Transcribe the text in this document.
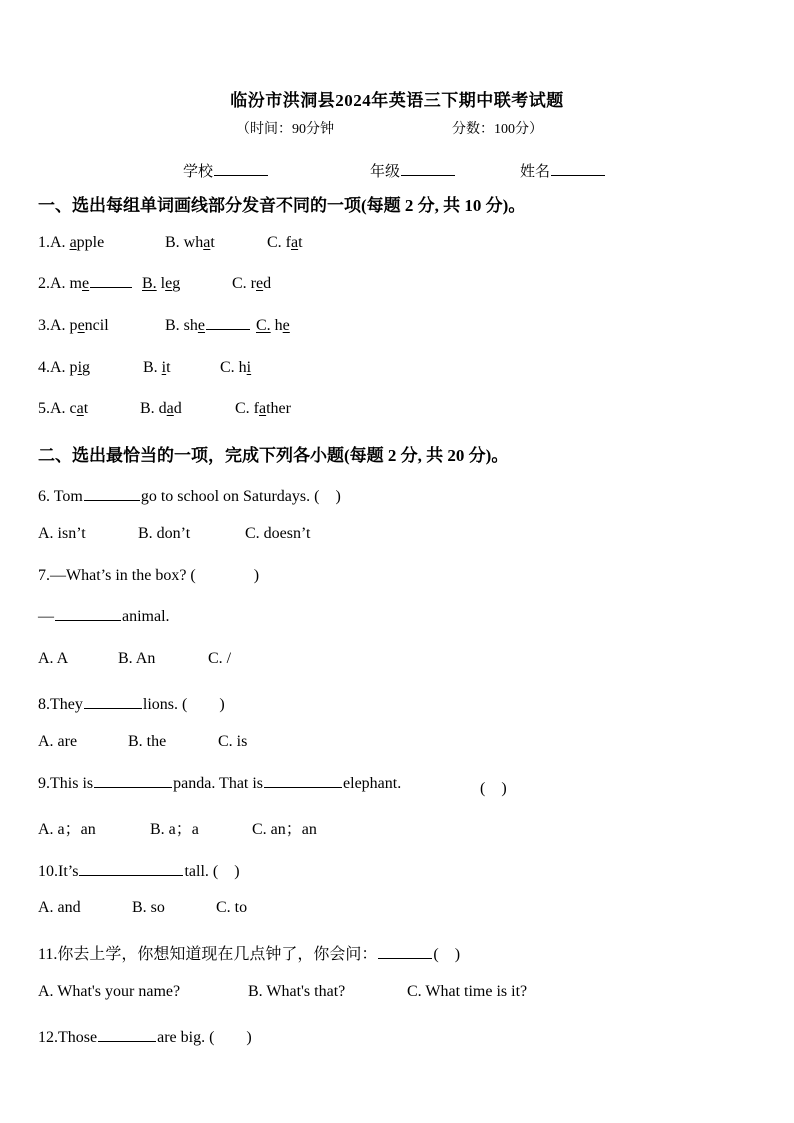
临汾市洪洞县2024年英语三下期中联考试题
（时间：90分钟	分数：100分）
学校	年级	姓名
一、选出每组单词画线部分发音不同的一项(每题 2 分, 共 10 分)。
1.A. apple	B. what	C. fat
2.A. me	B. leg	C. red
3.A. pencil	B. she	C. he
4.A. pig	B. it	C. hi
5.A. cat	B. dad	C. father
二、选出最恰当的一项，完成下列各小题(每题 2 分, 共 20 分)。
6. Tom	go to school on Saturdays. (　)
A. isn’t	B. don’t	C. doesn’t
7.—What’s in the box? (	)
—	animal.
A. A	B. An	C. /
8.They	lions. (　　)
A. are	B. the	C. is
9.This is	panda. That is	elephant.	(　)
A. a；an	B. a；a	C. an；an
10.It’s	tall. (　)
A. and	B. so	C. to
11.你去上学，你想知道现在几点钟了，你会问：	(　)
A. What's your name?	B. What's that?	C. What time is it?
12.Those	are big. (　　)
